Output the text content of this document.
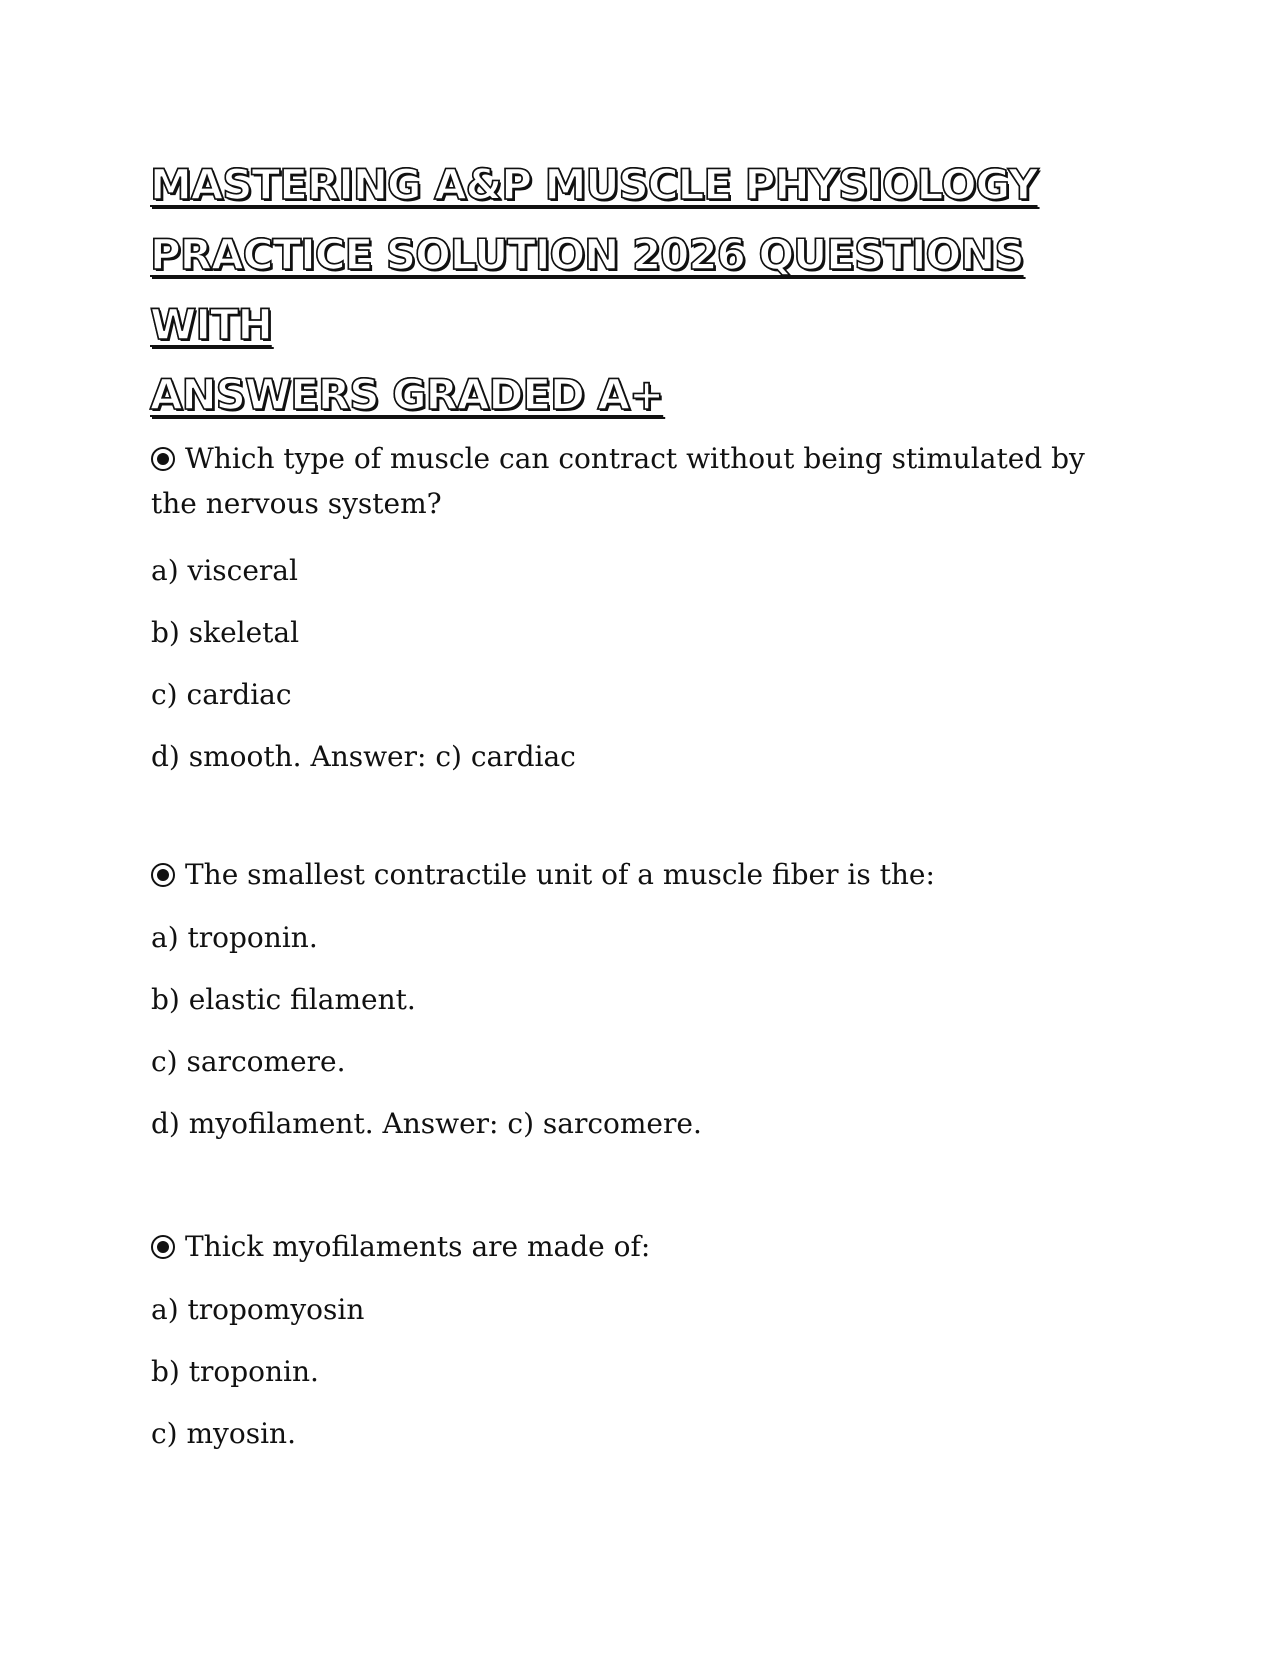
MASTERING A&P MUSCLE PHYSIOLOGY
PRACTICE SOLUTION 2026 QUESTIONS WITH
ANSWERS GRADED A+

Which type of muscle can contract without being stimulated by the nervous system?

a) visceral

b) skeletal

c) cardiac

d) smooth. Answer: c) cardiac

The smallest contractile unit of a muscle fiber is the:

a) troponin.

b) elastic filament.

c) sarcomere.

d) myofilament. Answer: c) sarcomere.

Thick myofilaments are made of:

a) tropomyosin

b) troponin.

c) myosin.
